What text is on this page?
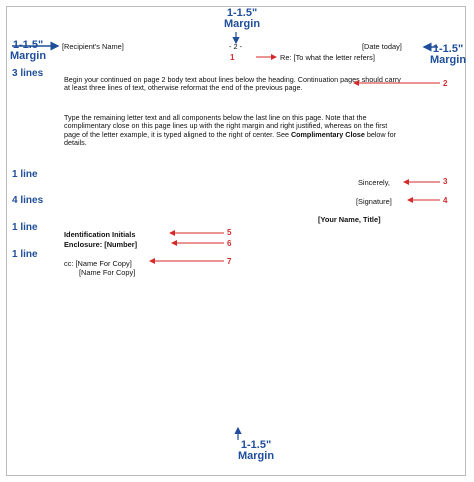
1-1.5"
Margin
1-1.5"
Margin
1-1.5"
Margin
1-1.5"
Margin
[Recipient's Name]	- 2 -	[Date today]
Re: [To what the letter refers]
3 lines
1 line
4 lines
1 line
1 line
Begin your continued on page 2 body text about lines below the heading. Continuation pages should carry at least three lines of text, otherwise reformat the end of the previous page.
Type the remaining letter text and all components below the last line on this page. Note that the complimentary close on this page lines up with the right margin and right justified, whereas on the first page of the letter example, it is typed aligned to the right of center. See Complimentary Close below for details.
Sincerely,
[Signature]
[Your Name, Title]
Identification Initials
Enclosure: [Number]
cc: [Name For Copy]
[Name For Copy]
1
2
3
4
5
6
7
